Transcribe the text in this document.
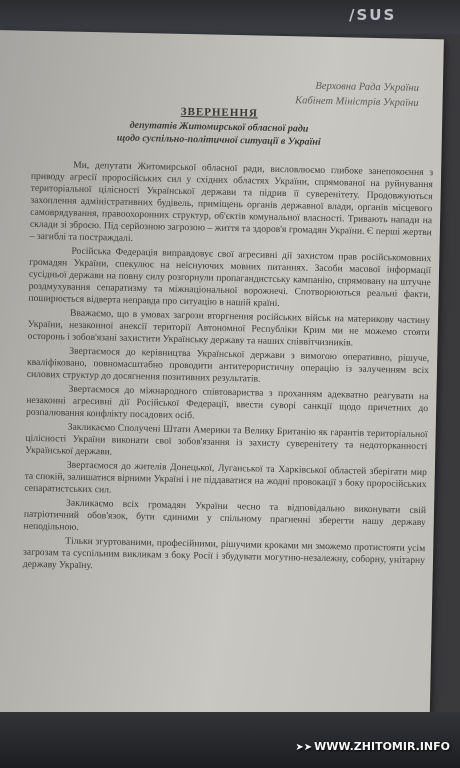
/SUS
Верховна Рада України
Кабінет Міністрів України
ЗВЕРНЕННЯ
депутатів Житомирської обласної ради
щодо суспільно-політичної ситуації в Україні

Ми, депутати Житомирської обласної ради, висловлюємо глибоке занепокоєння з приводу агресії проросійських сил у східних областях України, спрямованої на руйнування територіальної цілісності Української держави та підрив її суверенітету. Продовжуються захоплення адміністративних будівель, приміщень органів державної влади, органів місцевого самоврядування, правоохоронних структур, об'єктів комунальної власності. Тривають напади на склади зі зброєю. Під серйозною загрозою – життя та здоров'я громадян України. Є перші жертви – загиблі та постраждалі.

Російська Федерація виправдовує свої агресивні дії захистом прав російськомовних громадян України, спекулює на неіснуючих мовних питаннях. Засоби масової інформації сусідньої держави на повну силу розгорнули пропагандистську кампанію, спрямовану на штучне роздмухування сепаратизму та міжнаціональної ворожнечі. Спотворюються реальні факти, поширюється відверта неправда про ситуацію в нашій країні.

Вважаємо, що в умовах загрози вторгнення російських військ на материкову частину України, незаконної анексії території Автономної Республіки Крим ми не можемо стояти осторонь і зобов'язані захистити Українську державу та наших співвітчизників.

Звертаємося до керівництва Української держави з вимогою оперативно, рішуче, кваліфіковано, повномасштабно проводити антитерористичну операцію із залученням всіх силових структур до досягнення позитивних результатів.

Звертаємося до міжнародного співтовариства з проханням адекватно реагувати на незаконні агресивні дії Російської Федерації, ввести суворі санкції щодо причетних до розпалювання конфлікту посадових осіб.

Закликаємо Сполучені Штати Америки та Велику Британію як гарантів територіальної цілісності України виконати свої зобов'язання із захисту суверенітету та недоторканності Української держави.

Звертаємося до жителів Донецької, Луганської та Харківської областей зберігати мир та спокій, залишатися вірними Україні і не піддаватися на жодні провокації з боку проросійських сепаратистських сил.

Закликаємо всіх громадян України чесно та відповідально виконувати свій патріотичний обов'язок, бути єдиними у спільному прагненні зберегти нашу державу неподільною.

Тільки згуртованими, професійними, рішучими кроками ми зможемо протистояти усім загрозам та суспільним викликам з боку Росії і збудувати могутню-незалежну, соборну, унітарну державу Україну.

➤➤ WWW.ZHITOMIR.INFO
